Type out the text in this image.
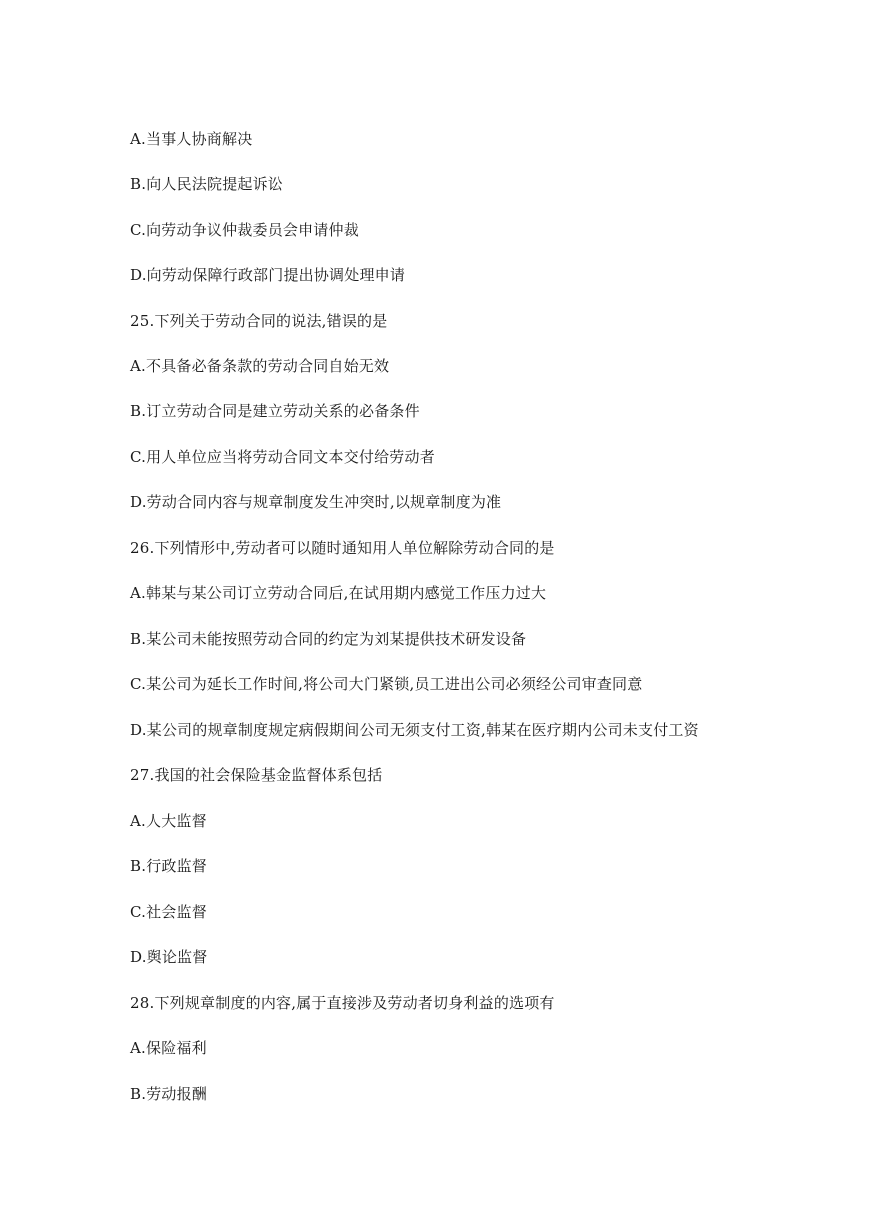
A.当事人协商解决
B.向人民法院提起诉讼
C.向劳动争议仲裁委员会申请仲裁
D.向劳动保障行政部门提出协调处理申请
25.下列关于劳动合同的说法,错误的是
A.不具备必备条款的劳动合同自始无效
B.订立劳动合同是建立劳动关系的必备条件
C.用人单位应当将劳动合同文本交付给劳动者
D.劳动合同内容与规章制度发生冲突时,以规章制度为准
26.下列情形中,劳动者可以随时通知用人单位解除劳动合同的是
A.韩某与某公司订立劳动合同后,在试用期内感觉工作压力过大
B.某公司未能按照劳动合同的约定为刘某提供技术研发设备
C.某公司为延长工作时间,将公司大门紧锁,员工进出公司必须经公司审查同意
D.某公司的规章制度规定病假期间公司无须支付工资,韩某在医疗期内公司未支付工资
27.我国的社会保险基金监督体系包括
A.人大监督
B.行政监督
C.社会监督
D.舆论监督
28.下列规章制度的内容,属于直接涉及劳动者切身利益的选项有
A.保险福利
B.劳动报酬
